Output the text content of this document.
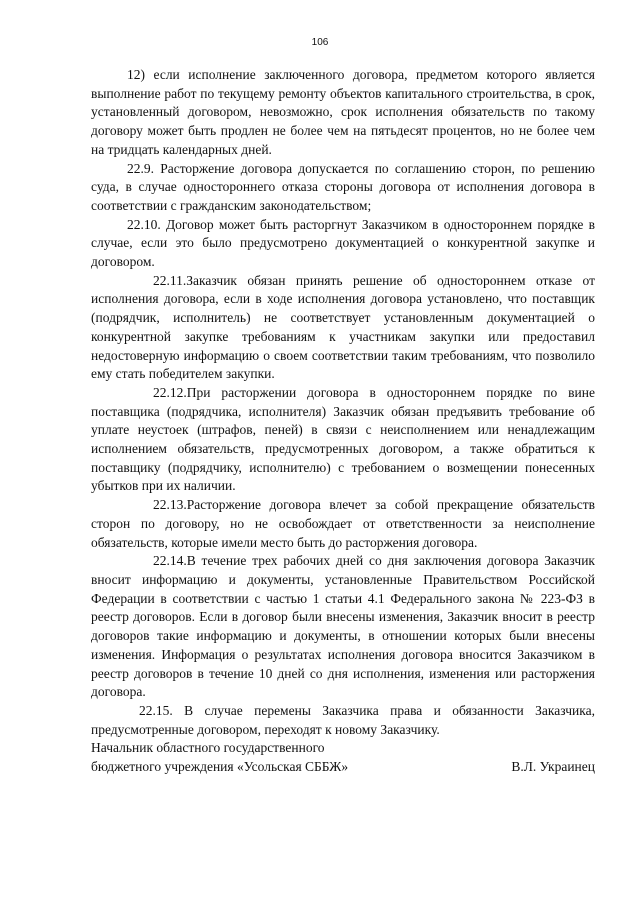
106

12) если исполнение заключенного договора, предметом которого является выполнение работ по текущему ремонту объектов капитального строительства, в срок, установленный договором, невозможно, срок исполнения обязательств по такому договору может быть продлен не более чем на пятьдесят процентов, но не более чем на тридцать календарных дней.

22.9. Расторжение договора допускается по соглашению сторон, по решению суда, в случае одностороннего отказа стороны договора от исполнения договора в соответствии с гражданским законодательством;

22.10. Договор может быть расторгнут Заказчиком в одностороннем порядке в случае, если это было предусмотрено документацией о конкурентной закупке и договором.

22.11.Заказчик обязан принять решение об одностороннем отказе от исполнения договора, если в ходе исполнения договора установлено, что поставщик (подрядчик, исполнитель) не соответствует установленным документацией о конкурентной закупке требованиям к участникам закупки или предоставил недостоверную информацию о своем соответствии таким требованиям, что позволило ему стать победителем закупки.

22.12.При расторжении договора в одностороннем порядке по вине поставщика (подрядчика, исполнителя) Заказчик обязан предъявить требование об уплате неустоек (штрафов, пеней) в связи с неисполнением или ненадлежащим исполнением обязательств, предусмотренных договором, а также обратиться к поставщику (подрядчику, исполнителю) с требованием о возмещении понесенных убытков при их наличии.

22.13.Расторжение договора влечет за собой прекращение обязательств сторон по договору, но не освобождает от ответственности за неисполнение обязательств, которые имели место быть до расторжения договора.

22.14.В течение трех рабочих дней со дня заключения договора Заказчик вносит информацию и документы, установленные Правительством Российской Федерации в соответствии с частью 1 статьи 4.1 Федерального закона № 223-ФЗ в реестр договоров. Если в договор были внесены изменения, Заказчик вносит в реестр договоров такие информацию и документы, в отношении которых были внесены изменения. Информация о результатах исполнения договора вносится Заказчиком в реестр договоров в течение 10 дней со дня исполнения, изменения или расторжения договора.

22.15. В случае перемены Заказчика права и обязанности Заказчика, предусмотренные договором, переходят к новому Заказчику.

Начальник областного государственного
бюджетного учреждения «Усольская СББЖ»	В.Л. Украинец
